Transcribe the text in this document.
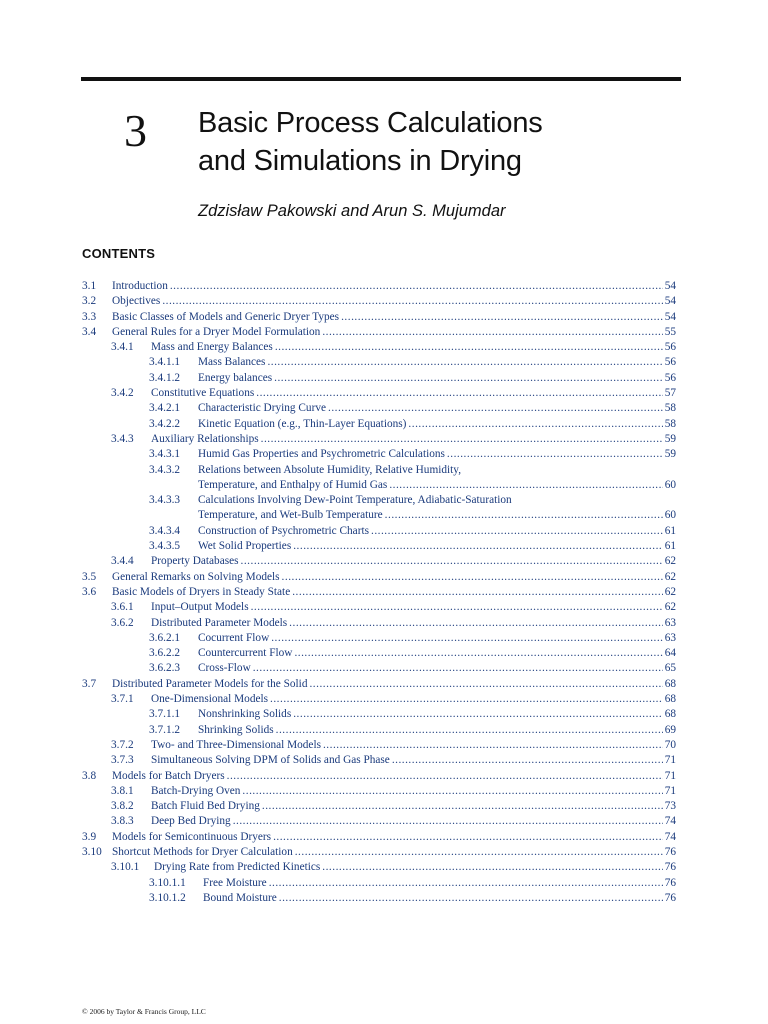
3 Basic Process Calculations
and Simulations in Drying
Zdzisław Pakowski and Arun S. Mujumdar
CONTENTS
3.1	Introduction .....	54
3.2	Objectives .....	54
3.3	Basic Classes of Models and Generic Dryer Types .....	54
3.4	General Rules for a Dryer Model Formulation .....	55
3.4.1	Mass and Energy Balances .....	56
3.4.1.1	Mass Balances .....	56
3.4.1.2	Energy balances .....	56
3.4.2	Constitutive Equations .....	57
3.4.2.1	Characteristic Drying Curve .....	58
3.4.2.2	Kinetic Equation (e.g., Thin-Layer Equations) .....	58
3.4.3	Auxiliary Relationships .....	59
3.4.3.1	Humid Gas Properties and Psychrometric Calculations .....	59
3.4.3.2	Relations between Absolute Humidity, Relative Humidity,
Temperature, and Enthalpy of Humid Gas .....	60
3.4.3.3	Calculations Involving Dew-Point Temperature, Adiabatic-Saturation
Temperature, and Wet-Bulb Temperature .....	60
3.4.3.4	Construction of Psychrometric Charts .....	61
3.4.3.5	Wet Solid Properties .....	61
3.4.4	Property Databases .....	62
3.5	General Remarks on Solving Models .....	62
3.6	Basic Models of Dryers in Steady State .....	62
3.6.1	Input–Output Models .....	62
3.6.2	Distributed Parameter Models .....	63
3.6.2.1	Cocurrent Flow .....	63
3.6.2.2	Countercurrent Flow .....	64
3.6.2.3	Cross-Flow .....	65
3.7	Distributed Parameter Models for the Solid .....	68
3.7.1	One-Dimensional Models .....	68
3.7.1.1	Nonshrinking Solids .....	68
3.7.1.2	Shrinking Solids .....	69
3.7.2	Two- and Three-Dimensional Models .....	70
3.7.3	Simultaneous Solving DPM of Solids and Gas Phase .....	71
3.8	Models for Batch Dryers .....	71
3.8.1	Batch-Drying Oven .....	71
3.8.2	Batch Fluid Bed Drying .....	73
3.8.3	Deep Bed Drying .....	74
3.9	Models for Semicontinuous Dryers .....	74
3.10 Shortcut Methods for Dryer Calculation .....	76
3.10.1	Drying Rate from Predicted Kinetics .....	76
3.10.1.1	Free Moisture .....	76
3.10.1.2	Bound Moisture .....	76
© 2006 by Taylor & Francis Group, LLC
